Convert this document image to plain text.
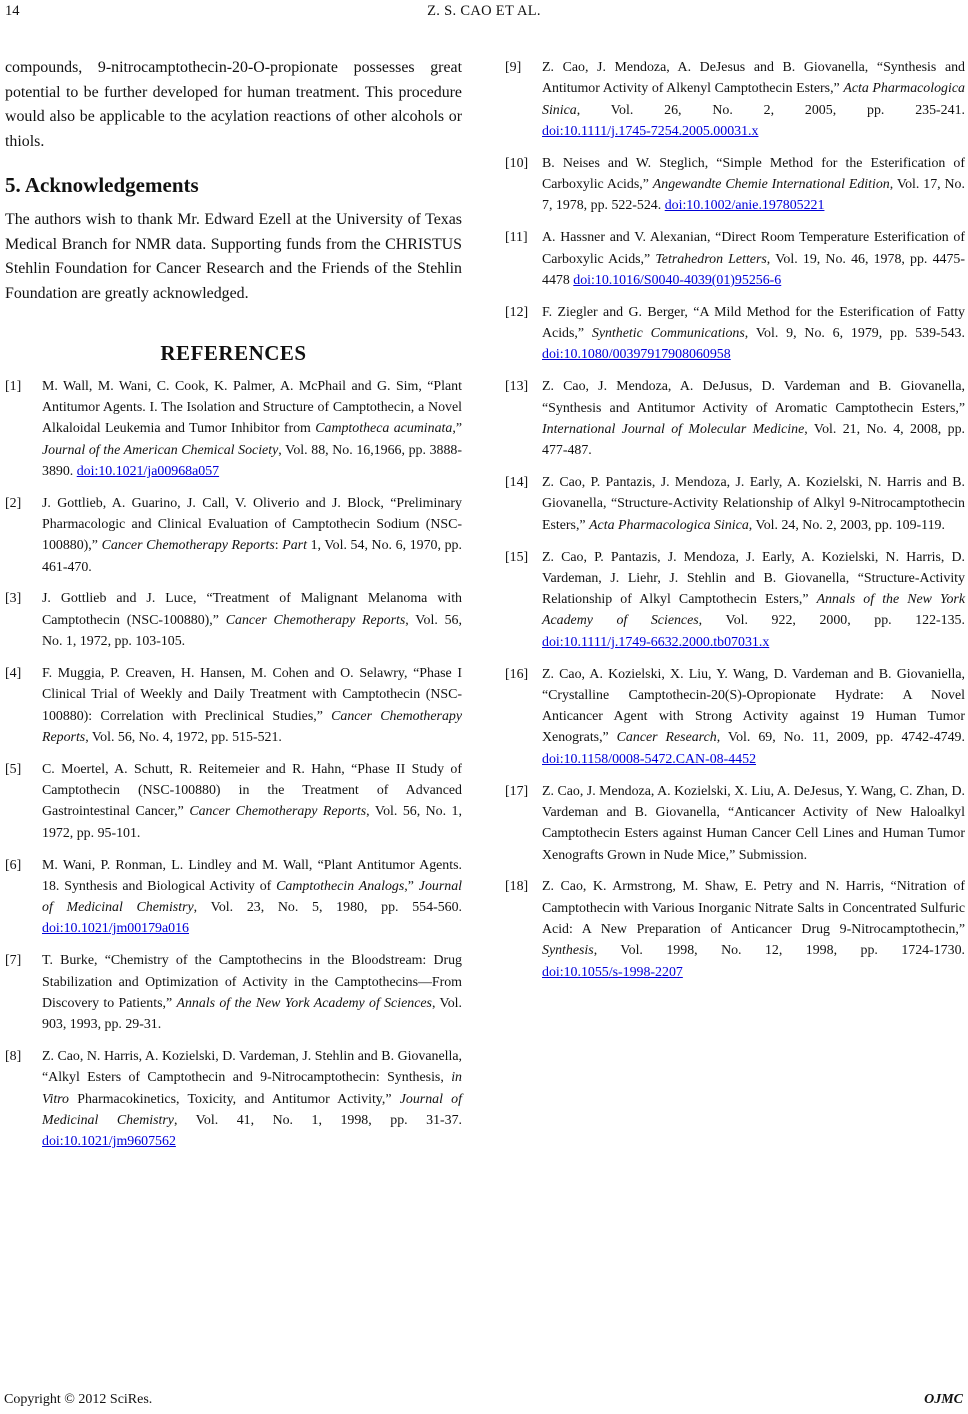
14	Z. S. CAO ET AL.

compounds, 9-nitrocamptothecin-20-O-propionate possesses great potential to be further developed for human treatment. This procedure would also be applicable to the acylation reactions of other alcohols or thiols.

5. Acknowledgements

The authors wish to thank Mr. Edward Ezell at the University of Texas Medical Branch for NMR data. Supporting funds from the CHRISTUS Stehlin Foundation for Cancer Research and the Friends of the Stehlin Foundation are greatly acknowledged.

REFERENCES
[1] M. Wall, M. Wani, C. Cook, K. Palmer, A. McPhail and G. Sim, “Plant Antitumor Agents. I. The Isolation and Structure of Camptothecin, a Novel Alkaloidal Leukemia and Tumor Inhibitor from Camptotheca acuminata,” Journal of the American Chemical Society, Vol. 88, No. 16,1966, pp. 3888-3890. doi:10.1021/ja00968a057
[2] J. Gottlieb, A. Guarino, J. Call, V. Oliverio and J. Block, “Preliminary Pharmacologic and Clinical Evaluation of Camptothecin Sodium (NSC-100880),” Cancer Chemotherapy Reports: Part 1, Vol. 54, No. 6, 1970, pp. 461-470.
[3] J. Gottlieb and J. Luce, “Treatment of Malignant Melanoma with Camptothecin (NSC-100880),” Cancer Chemotherapy Reports, Vol. 56, No. 1, 1972, pp. 103-105.
[4] F. Muggia, P. Creaven, H. Hansen, M. Cohen and O. Selawry, “Phase I Clinical Trial of Weekly and Daily Treatment with Camptothecin (NSC-100880): Correlation with Preclinical Studies,” Cancer Chemotherapy Reports, Vol. 56, No. 4, 1972, pp. 515-521.
[5] C. Moertel, A. Schutt, R. Reitemeier and R. Hahn, “Phase II Study of Camptothecin (NSC-100880) in the Treatment of Advanced Gastrointestinal Cancer,” Cancer Chemotherapy Reports, Vol. 56, No. 1, 1972, pp. 95-101.
[6] M. Wani, P. Ronman, L. Lindley and M. Wall, “Plant Antitumor Agents. 18. Synthesis and Biological Activity of Camptothecin Analogs,” Journal of Medicinal Chemistry, Vol. 23, No. 5, 1980, pp. 554-560. doi:10.1021/jm00179a016
[7] T. Burke, “Chemistry of the Camptothecins in the Bloodstream: Drug Stabilization and Optimization of Activity in the Camptothecins—From Discovery to Patients,” Annals of the New York Academy of Sciences, Vol. 903, 1993, pp. 29-31.
[8] Z. Cao, N. Harris, A. Kozielski, D. Vardeman, J. Stehlin and B. Giovanella, “Alkyl Esters of Camptothecin and 9-Nitrocamptothecin: Synthesis, in Vitro Pharmacokinetics, Toxicity, and Antitumor Activity,” Journal of Medicinal Chemistry, Vol. 41, No. 1, 1998, pp. 31-37. doi:10.1021/jm9607562
[9] Z. Cao, J. Mendoza, A. DeJesus and B. Giovanella, “Synthesis and Antitumor Activity of Alkenyl Camptothecin Esters,” Acta Pharmacologica Sinica, Vol. 26, No. 2, 2005, pp. 235-241. doi:10.1111/j.1745-7254.2005.00031.x
[10] B. Neises and W. Steglich, “Simple Method for the Esterification of Carboxylic Acids,” Angewandte Chemie International Edition, Vol. 17, No. 7, 1978, pp. 522-524. doi:10.1002/anie.197805221
[11] A. Hassner and V. Alexanian, “Direct Room Temperature Esterification of Carboxylic Acids,” Tetrahedron Letters, Vol. 19, No. 46, 1978, pp. 4475-4478 doi:10.1016/S0040-4039(01)95256-6
[12] F. Ziegler and G. Berger, “A Mild Method for the Esterification of Fatty Acids,” Synthetic Communications, Vol. 9, No. 6, 1979, pp. 539-543. doi:10.1080/00397917908060958
[13] Z. Cao, J. Mendoza, A. DeJusus, D. Vardeman and B. Giovanella, “Synthesis and Antitumor Activity of Aromatic Camptothecin Esters,” International Journal of Molecular Medicine, Vol. 21, No. 4, 2008, pp. 477-487.
[14] Z. Cao, P. Pantazis, J. Mendoza, J. Early, A. Kozielski, N. Harris and B. Giovanella, “Structure-Activity Relationship of Alkyl 9-Nitrocamptothecin Esters,” Acta Pharmacologica Sinica, Vol. 24, No. 2, 2003, pp. 109-119.
[15] Z. Cao, P. Pantazis, J. Mendoza, J. Early, A. Kozielski, N. Harris, D. Vardeman, J. Liehr, J. Stehlin and B. Giovanella, “Structure-Activity Relationship of Alkyl Camptothecin Esters,” Annals of the New York Academy of Sciences, Vol. 922, 2000, pp. 122-135. doi:10.1111/j.1749-6632.2000.tb07031.x
[16] Z. Cao, A. Kozielski, X. Liu, Y. Wang, D. Vardeman and B. Giovaniella, “Crystalline Camptothecin-20(S)-Opropionate Hydrate: A Novel Anticancer Agent with Strong Activity against 19 Human Tumor Xenograts,” Cancer Research, Vol. 69, No. 11, 2009, pp. 4742-4749. doi:10.1158/0008-5472.CAN-08-4452
[17] Z. Cao, J. Mendoza, A. Kozielski, X. Liu, A. DeJesus, Y. Wang, C. Zhan, D. Vardeman and B. Giovanella, “Anticancer Activity of New Haloalkyl Camptothecin Esters against Human Cancer Cell Lines and Human Tumor Xenografts Grown in Nude Mice,” Submission.
[18] Z. Cao, K. Armstrong, M. Shaw, E. Petry and N. Harris, “Nitration of Camptothecin with Various Inorganic Nitrate Salts in Concentrated Sulfuric Acid: A New Preparation of Anticancer Drug 9-Nitrocamptothecin,” Synthesis, Vol. 1998, No. 12, 1998, pp. 1724-1730. doi:10.1055/s-1998-2207
Copyright © 2012 SciRes.	OJMC
